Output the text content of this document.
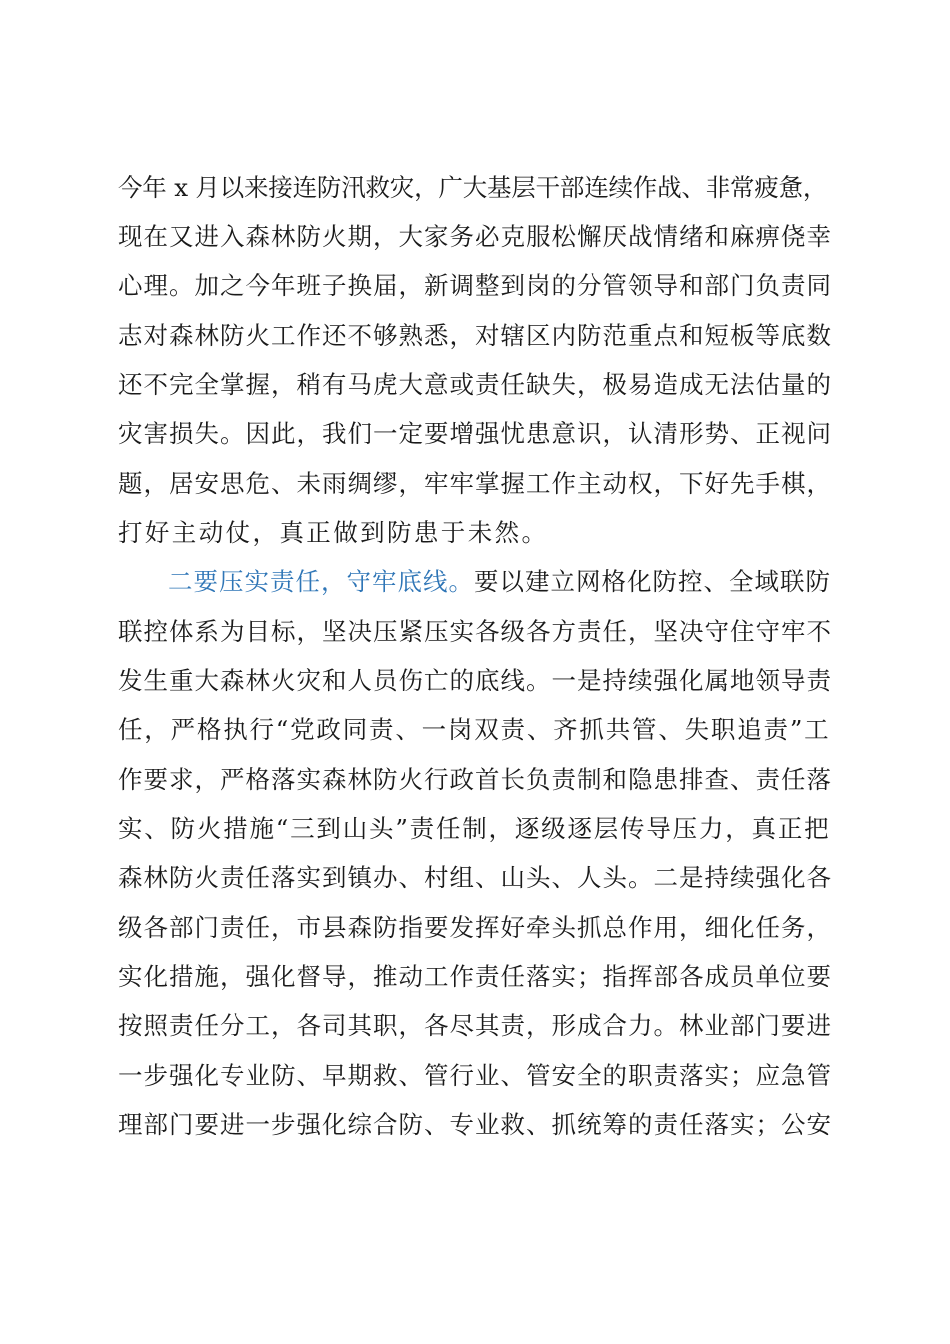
今年 x 月以来接连防汛救灾，广大基层干部连续作战、非常疲惫，
现在又进入森林防火期，大家务必克服松懈厌战情绪和麻痹侥幸
心理。加之今年班子换届，新调整到岗的分管领导和部门负责同
志对森林防火工作还不够熟悉，对辖区内防范重点和短板等底数
还不完全掌握，稍有马虎大意或责任缺失，极易造成无法估量的
灾害损失。因此，我们一定要增强忧患意识，认清形势、正视问
题，居安思危、未雨绸缪，牢牢掌握工作主动权，下好先手棋，
打好主动仗，真正做到防患于未然。
二要压实责任，守牢底线。要以建立网格化防控、全域联防
联控体系为目标，坚决压紧压实各级各方责任，坚决守住守牢不
发生重大森林火灾和人员伤亡的底线。一是持续强化属地领导责
任，严格执行“党政同责、一岗双责、齐抓共管、失职追责”工
作要求，严格落实森林防火行政首长负责制和隐患排查、责任落
实、防火措施“三到山头”责任制，逐级逐层传导压力，真正把
森林防火责任落实到镇办、村组、山头、人头。二是持续强化各
级各部门责任，市县森防指要发挥好牵头抓总作用，细化任务，
实化措施，强化督导，推动工作责任落实；指挥部各成员单位要
按照责任分工，各司其职，各尽其责，形成合力。林业部门要进
一步强化专业防、早期救、管行业、管安全的职责落实；应急管
理部门要进一步强化综合防、专业救、抓统筹的责任落实；公安
